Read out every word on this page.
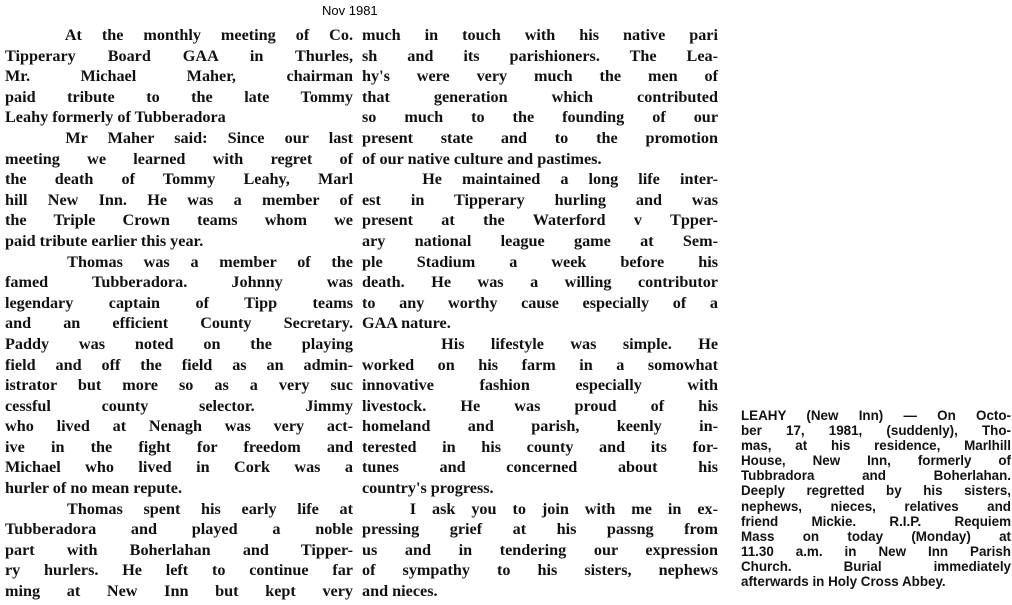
Nov 1981
At the monthly meeting of Co.
Tipperary Board GAA in Thurles,
Mr. Michael Maher, chairman
paid tribute to the late Tommy
Leahy formerly of Tubberadora
Mr Maher said: Since our last
meeting we learned with regret of
the death of Tommy Leahy, Marl
hill New Inn. He was a member of
the Triple Crown teams whom we
paid tribute earlier this year.
Thomas was a member of the
famed Tubberadora. Johnny was
legendary captain of Tipp teams
and an efficient County Secretary.
Paddy was noted on the playing
field and off the field as an admin-
istrator but more so as a very suc
cessful county selector. Jimmy
who lived at Nenagh was very act-
ive in the fight for freedom and
Michael who lived in Cork was a
hurler of no mean repute.
Thomas spent his early life at
Tubberadora and played a noble
part with Boherlahan and Tipper-
ry hurlers. He left to continue far
ming at New Inn but kept very
much in touch with his native pari
sh and its parishioners. The Lea-
hy's were very much the men of
that generation which contributed
so much to the founding of our
present state and to the promotion
of our native culture and pastimes.
He maintained a long life inter-
est in Tipperary hurling and was
present at the Waterford v Tpper-
ary national league game at Sem-
ple Stadium a week before his
death. He was a willing contributor
to any worthy cause especially of a
GAA nature.
His lifestyle was simple. He
worked on his farm in a somowhat
innovative fashion especially with
livestock. He was proud of his
homeland and parish, keenly in-
terested in his county and its for-
tunes and concerned about his
country's progress.
I ask you to join with me in ex-
pressing grief at his passng from
us and in tendering our expression
of sympathy to his sisters, nephews
and nieces.
LEAHY (New Inn) — On Octo-
ber 17, 1981, (suddenly), Tho-
mas, at his residence, Marlhill
House, New Inn, formerly of
Tubbradora and Boherlahan.
Deeply regretted by his sisters,
nephews, nieces, relatives and
friend Mickie. R.I.P. Requiem
Mass on today (Monday) at
11.30 a.m. in New Inn Parish
Church. Burial immediately
afterwards in Holy Cross Abbey.
